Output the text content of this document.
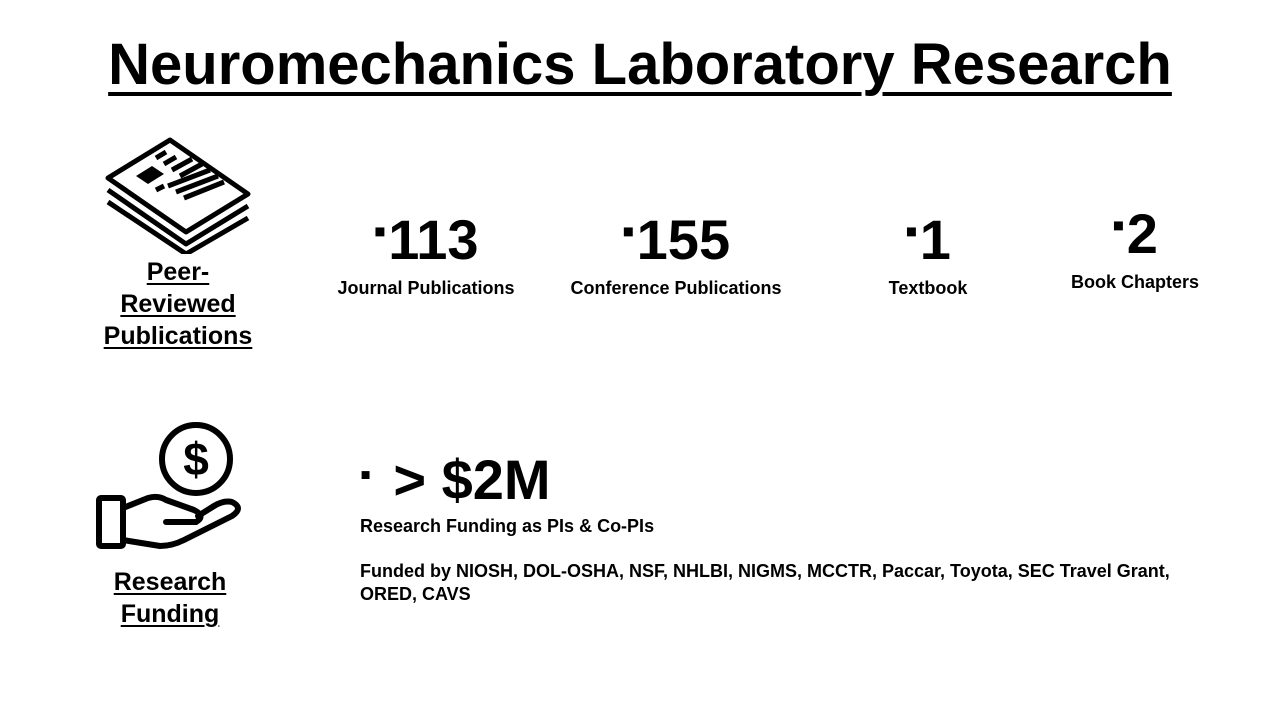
Neuromechanics Laboratory Research
Peer-
Reviewed
Publications
▪113
Journal Publications
▪155
Conference Publications
▪1
Textbook
▪2
Book Chapters
$
Research
Funding
▪ > $2M
Research Funding as PIs & Co-PIs
Funded by NIOSH, DOL-OSHA, NSF, NHLBI, NIGMS, MCCTR, Paccar, Toyota, SEC Travel Grant, ORED, CAVS
